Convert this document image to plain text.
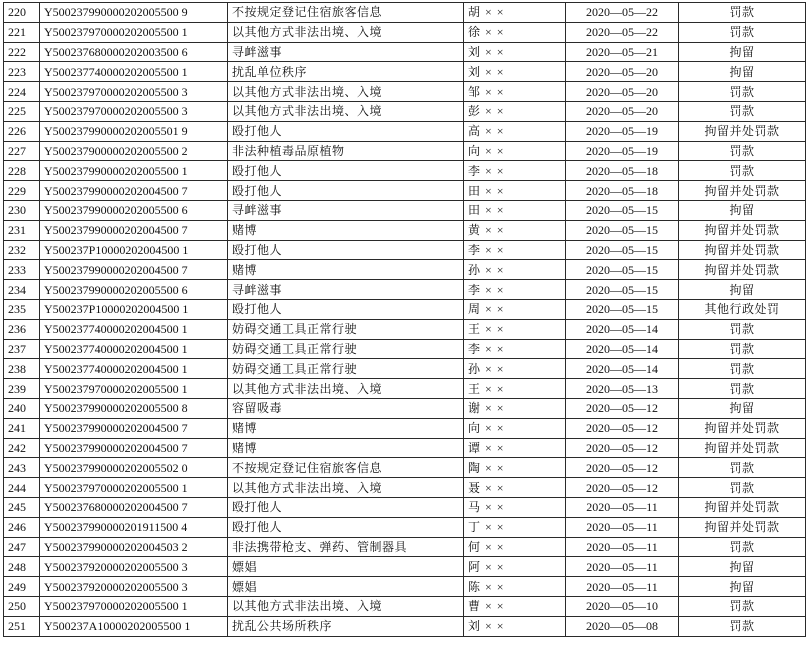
220	Y500237990000202005500 9	不按规定登记住宿旅客信息	胡 × ×	2020—05—22	罚款
221	Y500237970000202005500 1	以其他方式非法出境、入境	徐 × ×	2020—05—22	罚款
222	Y500237680000202003500 6	寻衅滋事	刘 × ×	2020—05—21	拘留
223	Y500237740000202005500 1	扰乱单位秩序	刘 × ×	2020—05—20	拘留
224	Y500237970000202005500 3	以其他方式非法出境、入境	邹 × ×	2020—05—20	罚款
225	Y500237970000202005500 3	以其他方式非法出境、入境	彭 × ×	2020—05—20	罚款
226	Y500237990000202005501 9	殴打他人	高 × ×	2020—05—19	拘留并处罚款
227	Y500237900000202005500 2	非法种植毒品原植物	向 × ×	2020—05—19	罚款
228	Y500237990000202005500 1	殴打他人	李 × ×	2020—05—18	罚款
229	Y500237990000202004500 7	殴打他人	田 × ×	2020—05—18	拘留并处罚款
230	Y500237990000202005500 6	寻衅滋事	田 × ×	2020—05—15	拘留
231	Y500237990000202004500 7	赌博	黄 × ×	2020—05—15	拘留并处罚款
232	Y500237P10000202004500 1	殴打他人	李 × ×	2020—05—15	拘留并处罚款
233	Y500237990000202004500 7	赌博	孙 × ×	2020—05—15	拘留并处罚款
234	Y500237990000202005500 6	寻衅滋事	李 × ×	2020—05—15	拘留
235	Y500237P10000202004500 1	殴打他人	周 × ×	2020—05—15	其他行政处罚
236	Y500237740000202004500 1	妨碍交通工具正常行驶	王 × ×	2020—05—14	罚款
237	Y500237740000202004500 1	妨碍交通工具正常行驶	李 × ×	2020—05—14	罚款
238	Y500237740000202004500 1	妨碍交通工具正常行驶	孙 × ×	2020—05—14	罚款
239	Y500237970000202005500 1	以其他方式非法出境、入境	王 × ×	2020—05—13	罚款
240	Y500237990000202005500 8	容留吸毒	谢 × ×	2020—05—12	拘留
241	Y500237990000202004500 7	赌博	向 × ×	2020—05—12	拘留并处罚款
242	Y500237990000202004500 7	赌博	谭 × ×	2020—05—12	拘留并处罚款
243	Y500237990000202005502 0	不按规定登记住宿旅客信息	陶 × ×	2020—05—12	罚款
244	Y500237970000202005500 1	以其他方式非法出境、入境	聂 × ×	2020—05—12	罚款
245	Y500237680000202004500 7	殴打他人	马 × ×	2020—05—11	拘留并处罚款
246	Y500237990000201911500 4	殴打他人	丁 × ×	2020—05—11	拘留并处罚款
247	Y500237990000202004503 2	非法携带枪支、弹药、管制器具	何 × ×	2020—05—11	罚款
248	Y500237920000202005500 3	嫖娼	阿 × ×	2020—05—11	拘留
249	Y500237920000202005500 3	嫖娼	陈 × ×	2020—05—11	拘留
250	Y500237970000202005500 1	以其他方式非法出境、入境	曹 × ×	2020—05—10	罚款
251	Y500237A10000202005500 1	扰乱公共场所秩序	刘 × ×	2020—05—08	罚款
